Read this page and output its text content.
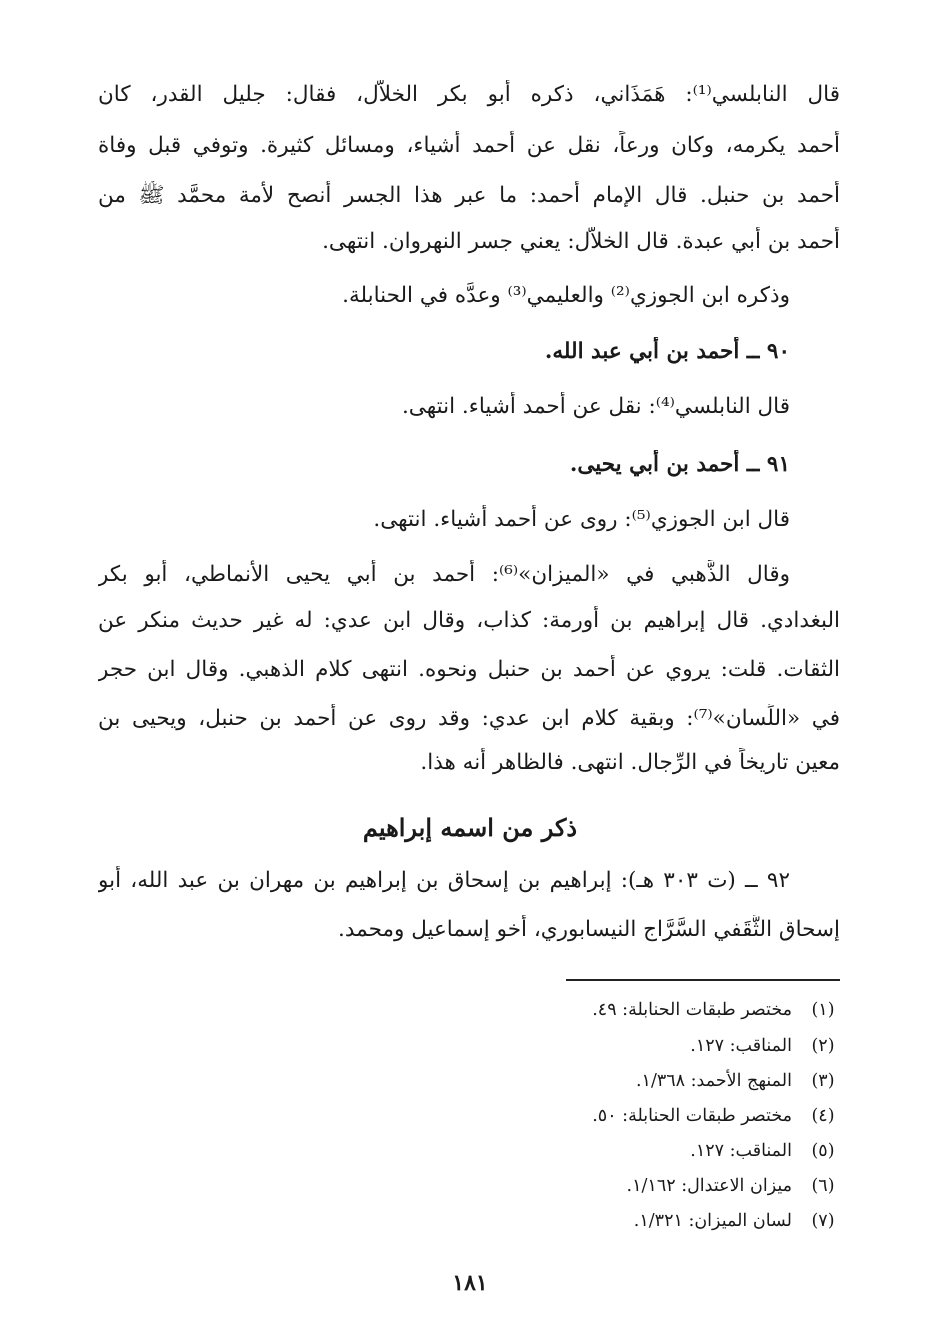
قال النابلسي⁽¹⁾: هَمَذَاني، ذكره أبو بكر الخلاَّل، فقال: جليل القدر، كان
أحمد يكرمه، وكان ورعاً، نقل عن أحمد أشياء، ومسائل كثيرة. وتوفي قبل وفاة
أحمد بن حنبل. قال الإمام أحمد: ما عبر هذا الجسر أنصح لأمة محمَّد ﷺ من
أحمد بن أبي عبدة. قال الخلاَّل: يعني جسر النهروان. انتهى.
وذكره ابن الجوزي⁽²⁾ والعليمي⁽³⁾ وعدَّه في الحنابلة.
٩٠ ــ أحمد بن أبي عبد الله.
قال النابلسي⁽⁴⁾: نقل عن أحمد أشياء. انتهى.
٩١ ــ أحمد بن أبي يحيى.
قال ابن الجوزي⁽⁵⁾: روى عن أحمد أشياء. انتهى.
وقال الذَّهبي في «الميزان»⁽⁶⁾: أحمد بن أبي يحيى الأنماطي، أبو بكر
البغدادي. قال إبراهيم بن أورمة: كذاب، وقال ابن عدي: له غير حديث منكر عن
الثقات. قلت: يروي عن أحمد بن حنبل ونحوه. انتهى كلام الذهبي. وقال ابن حجر
في «اللِّسان»⁽⁷⁾: وبقية كلام ابن عدي: وقد روى عن أحمد بن حنبل، ويحيى بن
معين تاريخاً في الرِّجال. انتهى. فالظاهر أنه هذا.
ذكر من اسمه إبراهيم
٩٢ ــ (ت ٣٠٣ هـ): إبراهيم بن إسحاق بن إبراهيم بن مهران بن عبد الله، أبو
إسحاق الثَّقَفي السَّرَّاج النيسابوري، أخو إسماعيل ومحمد.
(١)مختصر طبقات الحنابلة: ٤٩.
(٢)المناقب: ١٢٧.
(٣)المنهج الأحمد: ١/٣٦٨.
(٤)مختصر طبقات الحنابلة: ٥٠.
(٥)المناقب: ١٢٧.
(٦)ميزان الاعتدال: ١/١٦٢.
(٧)لسان الميزان: ١/٣٢١.
١٨١
